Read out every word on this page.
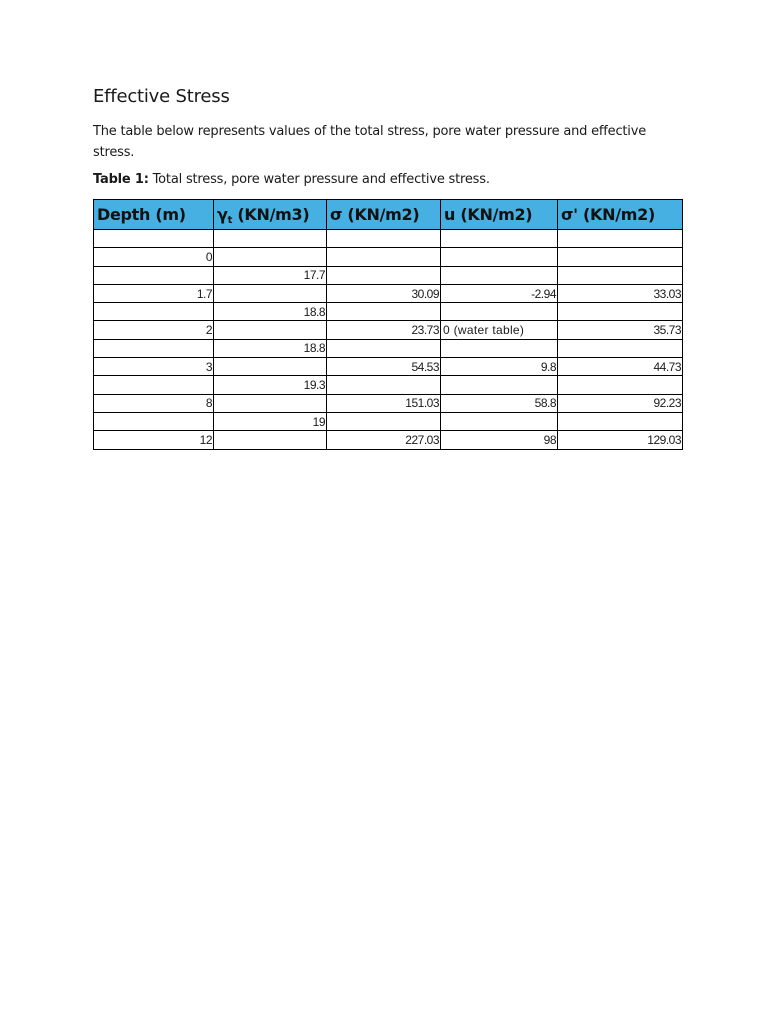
Effective Stress

The table below represents values of the total stress, pore water pressure and effective stress.

Table 1: Total stress, pore water pressure and effective stress.

Depth (m)	$\gamma_t$ (KN/m3)	σ (KN/m2)	u (KN/m2)	σ' (KN/m2)

0				
	17.7			
1.7		30.09	-2.94	33.03
	18.8			
2		23.73	0 (water table)	35.73
	18.8			
3		54.53	9.8	44.73
	19.3			
8		151.03	58.8	92.23
	19			
12		227.03	98	129.03
